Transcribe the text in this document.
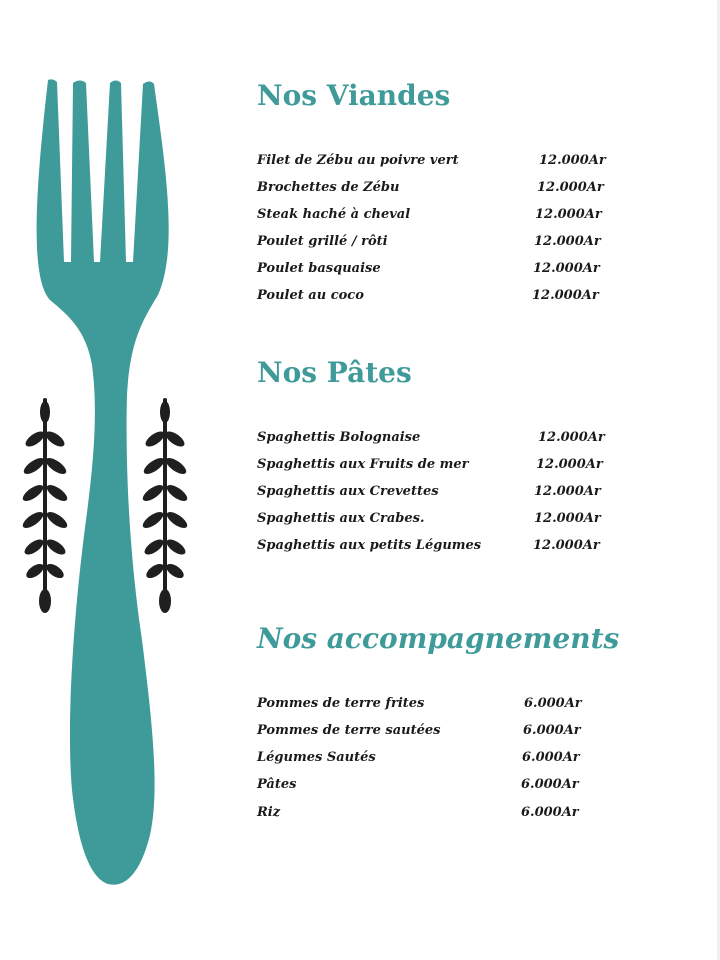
Nos Viandes
Filet de Zébu au poivre vert	12.000Ar
Brochettes de Zébu	12.000Ar
Steak haché à cheval	12.000Ar
Poulet grillé / rôti	12.000Ar
Poulet basquaise	12.000Ar
Poulet au coco	12.000Ar
Nos Pâtes
Spaghettis Bolognaise	12.000Ar
Spaghettis aux Fruits de mer	12.000Ar
Spaghettis aux Crevettes	12.000Ar
Spaghettis aux Crabes.	12.000Ar
Spaghettis aux petits Légumes	12.000Ar
Nos accompagnements
Pommes de terre frites	6.000Ar
Pommes de terre sautées	6.000Ar
Légumes Sautés	6.000Ar
Pâtes	6.000Ar
Riz	6.000Ar
